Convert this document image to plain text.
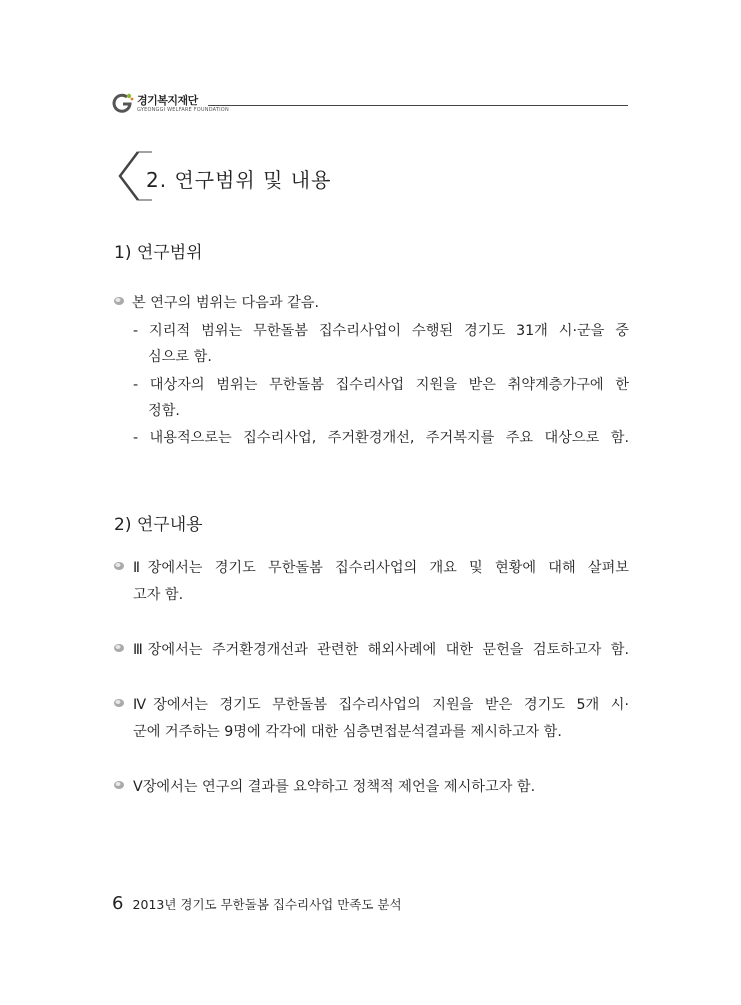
경기복지재단
GYEONGGI WELFARE FOUNDATION
2. 연구범위 및 내용
1) 연구범위
본 연구의 범위는 다음과 같음.
- 지리적 범위는 무한돌봄 집수리사업이 수행된 경기도 31개 시·군을 중
심으로 함.
- 대상자의 범위는 무한돌봄 집수리사업 지원을 받은 취약계층가구에 한
정함.
- 내용적으로는 집수리사업, 주거환경개선, 주거복지를 주요 대상으로 함.
2) 연구내용
Ⅱ장에서는 경기도 무한돌봄 집수리사업의 개요 및 현황에 대해 살펴보
고자 함.
Ⅲ장에서는 주거환경개선과 관련한 해외사례에 대한 문헌을 검토하고자 함.
Ⅳ장에서는 경기도 무한돌봄 집수리사업의 지원을 받은 경기도 5개 시·
군에 거주하는 9명에 각각에 대한 심층면접분석결과를 제시하고자 함.
Ⅴ장에서는 연구의 결과를 요약하고 정책적 제언을 제시하고자 함.
6 2013년 경기도 무한돌봄 집수리사업 만족도 분석
